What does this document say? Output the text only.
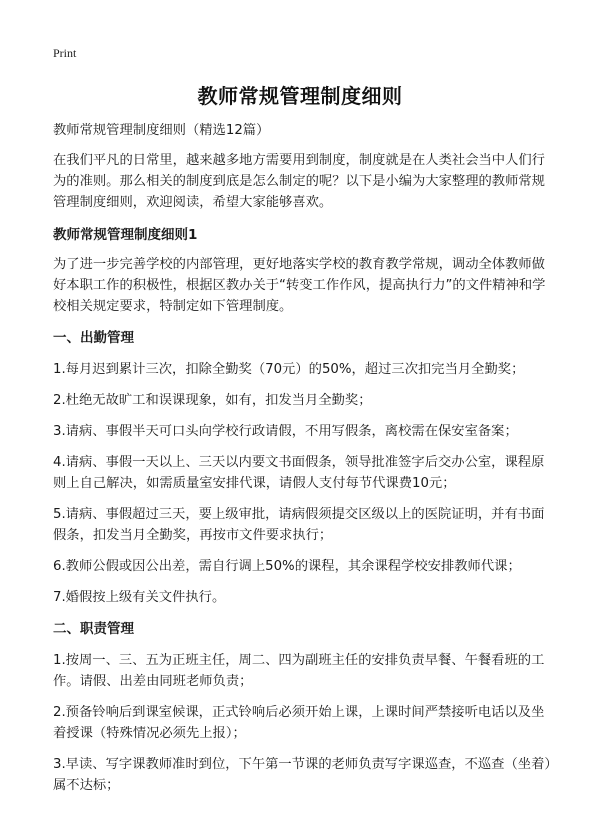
Print
教师常规管理制度细则

教师常规管理制度细则（精选12篇）

在我们平凡的日常里，越来越多地方需要用到制度，制度就是在人类社会当中人们行为的准则。那么相关的制度到底是怎么制定的呢？以下是小编为大家整理的教师常规管理制度细则，欢迎阅读，希望大家能够喜欢。

教师常规管理制度细则1

为了进一步完善学校的内部管理，更好地落实学校的教育教学常规，调动全体教师做好本职工作的积极性，根据区教办关于“转变工作作风，提高执行力”的文件精神和学校相关规定要求，特制定如下管理制度。

一、出勤管理

1.每月迟到累计三次，扣除全勤奖（70元）的50%，超过三次扣完当月全勤奖；

2.杜绝无故旷工和误课现象，如有，扣发当月全勤奖；

3.请病、事假半天可口头向学校行政请假，不用写假条，离校需在保安室备案；

4.请病、事假一天以上、三天以内要文书面假条，领导批准签字后交办公室，课程原则上自己解决，如需质量室安排代课，请假人支付每节代课费10元；

5.请病、事假超过三天，要上级审批，请病假须提交区级以上的医院证明，并有书面假条，扣发当月全勤奖，再按市文件要求执行；

6.教师公假或因公出差，需自行调上50%的课程，其余课程学校安排教师代课；

7.婚假按上级有关文件执行。

二、职责管理

1.按周一、三、五为正班主任，周二、四为副班主任的安排负责早餐、午餐看班的工作。请假、出差由同班老师负责；

2.预备铃响后到课室候课，正式铃响后必须开始上课，上课时间严禁接听电话以及坐着授课（特殊情况必须先上报）；

3.早读、写字课教师准时到位，下午第一节课的老师负责写字课巡查，不巡查（坐着）属不达标；
